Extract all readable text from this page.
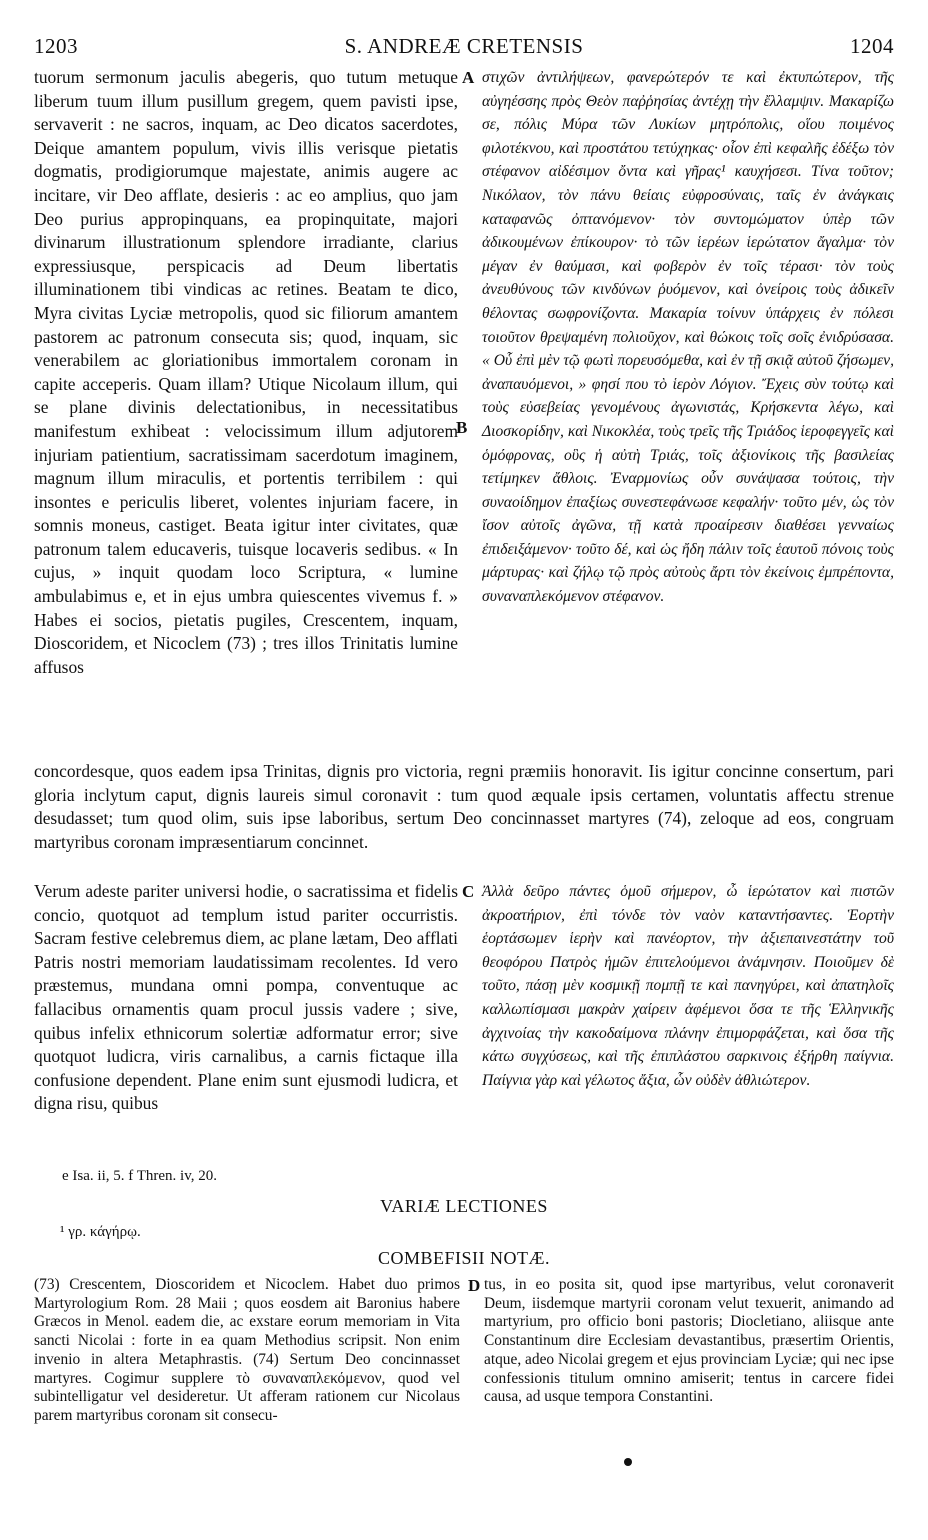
1203	S. ANDREÆ CRETENSIS	1204
tuorum sermonum jaculis abegeris, quo tutum metuque liberum tuum illum pusillum gregem, quem pavisti ipse, servaverit : ne sacros, inquam, ac Deo dicatos sacerdotes, Deique amantem populum, vivis illis verisque pietatis dogmatis, prodigiorumque majestate, animis augere ac incitare, vir Deo afflate, desieris : ac eo amplius, quo jam Deo purius appropinquans, ea propinquitate, majori divinarum illustrationum splendore irradiante, clarius expressiusque, perspicacis ad Deum libertatis illuminationem tibi vindicas ac retines. Beatam te dico, Myra civitas Lyciæ metropolis, quod sic filiorum amantem pastorem ac patronum consecuta sis; quod, inquam, sic venerabilem ac gloriationibus immortalem coronam in capite acceperis. Quam illam? Utique Nicolaum illum, qui se plane divinis delectationibus, in necessitatibus manifestum exhibeat : velocissimum illum adjutorem injuriam patientium, sacratissimam sacerdotum imaginem, magnum illum miraculis, et portentis terribilem : qui insontes e periculis liberet, volentes injuriam facere, in somnis moneus, castiget. Beata igitur inter civitates, quæ patronum talem educaveris, tuisque locaveris sedibus. « In cujus, » inquit quodam loco Scriptura, « lumine ambulabimus e, et in ejus umbra quiescentes vivemus f. » Habes ei socios, pietatis pugiles, Crescentem, inquam, Dioscoridem, et Nicoclem (73) ; tres illos Trinitatis lumine affusos
στιχῶν ἀντιλήψεων, φανερώτερόν τε καὶ ἐκτυπώτερον, τῆς αὐγηέσσης πρὸς Θεὸν παῤῥησίας ἀντέχῃ τὴν ἔλλαμψιν. Μακαρίζω σε, πόλις Μύρα τῶν Λυκίων μητρόπολις, οἵου ποιμένος φιλοτέκνου, καὶ προστάτου τετύχηκας· οἷον ἐπὶ κεφαλῆς ἐδέξω τὸν στέφανον αἰδέσιμον ὄντα καὶ γῆρας¹ καυχήσεσι. Τίνα τοῦτον; Νικόλαον, τὸν πάνυ θείαις εὐφροσύναις, ταῖς ἐν ἀνάγκαις καταφανῶς ὀπτανόμενον· τὸν συντομώματον ὑπὲρ τῶν ἀδικουμένων ἐπίκουρον· τὸ τῶν ἱερέων ἱερώτατον ἄγαλμα· τὸν μέγαν ἐν θαύμασι, καὶ φοβερὸν ἐν τοῖς τέρασι· τὸν τοὺς ἀνευθύνους τῶν κινδύνων ῥυόμενον, καὶ ὀνείροις τοὺς ἀδικεῖν θέλοντας σωφρονίζοντα. Μακαρία τοίνυν ὑπάρχεις ἐν πόλεσι τοιοῦτον θρεψαμένη πολιοῦχον, καὶ θώκοις τοῖς σοῖς ἐνιδρύσασα. « Οὗ ἐπὶ μὲν τῷ φωτὶ πορευσόμεθα, καὶ ἐν τῇ σκιᾷ αὐτοῦ ζήσωμεν, ἀναπαυόμενοι, » φησί που τὸ ἱερὸν Λόγιον. Ἔχεις σὺν τούτῳ καὶ τοὺς εὐσεβείας γενομένους ἀγωνιστάς, Κρήσκεντα λέγω, καὶ Διοσκορίδην, καὶ Νικοκλέα, τοὺς τρεῖς τῆς Τριάδος ἱεροφεγγεῖς καὶ ὁμόφρονας, οὓς ἡ αὐτὴ Τριάς, τοῖς ἀξιονίκοις τῆς βασιλείας τετίμηκεν ἄθλοις. Ἐναρμονίως οὖν συνάψασα τούτοις, τὴν συναοίδημον ἐπαξίως συνεστεφάνωσε κεφαλήν· τοῦτο μέν, ὡς τὸν ἴσον αὐτοῖς ἀγῶνα, τῇ κατὰ προαίρεσιν διαθέσει γενναίως ἐπιδειξάμενον· τοῦτο δέ, καὶ ὡς ἤδη πάλιν τοῖς ἑαυτοῦ πόνοις τοὺς μάρτυρας· καὶ ζήλῳ τῷ πρὸς αὐτοὺς ἄρτι τὸν ἐκείνοις ἐμπρέποντα, συναναπλεκόμενον στέφανον.
A
B
concordesque, quos eadem ipsa Trinitas, dignis pro victoria, regni præmiis honoravit. Iis igitur concinne consertum, pari gloria inclytum caput, dignis laureis simul coronavit : tum quod æquale ipsis certamen, voluntatis affectu strenue desudasset; tum quod olim, suis ipse laboribus, sertum Deo concinnasset martyres (74), zeloque ad eos, congruam martyribus coronam impræsentiarum concinnet.
Verum adeste pariter universi hodie, o sacratissima et fidelis concio, quotquot ad templum istud pariter occurristis. Sacram festive celebremus diem, ac plane lætam, Deo afflati Patris nostri memoriam laudatissimam recolentes. Id vero præstemus, mundana omni pompa, conventuque ac fallacibus ornamentis quam procul jussis vadere ; sive, quibus infelix ethnicorum solertiæ adformatur error; sive quotquot ludicra, viris carnalibus, a carnis fictaque illa confusione dependent. Plane enim sunt ejusmodi ludicra, et digna risu, quibus
C Ἀλλὰ δεῦρο πάντες ὁμοῦ σήμερον, ὦ ἱερώτατον καὶ πιστῶν ἀκροατήριον, ἐπὶ τόνδε τὸν ναὸν καταντήσαντες. Ἑορτὴν ἑορτάσωμεν ἱερὴν καὶ πανέορτον, τὴν ἀξιεπαινεστάτην τοῦ θεοφόρου Πατρὸς ἡμῶν ἐπιτελούμενοι ἀνάμνησιν. Ποιοῦμεν δὲ τοῦτο, πάσῃ μὲν κοσμικῇ πομπῇ τε καὶ πανηγύρει, καὶ ἀπατηλοῖς καλλωπίσμασι μακρὰν χαίρειν ἀφέμενοι ὅσα τε τῆς Ἑλληνικῆς ἀγχινοίας τὴν κακοδαίμονα πλάνην ἐπιμορφάζεται, καὶ ὅσα τῆς κάτω συγχύσεως, καὶ τῆς ἐπιπλάστου σαρκινοις ἐξήρθη παίγνια. Παίγνια γὰρ καὶ γέλωτος ἄξια, ὧν οὐδὲν ἀθλιώτερον.
e Isa. ii, 5. f Thren. iv, 20.
VARIÆ LECTIONES
¹ γρ. κάγήρῳ.
COMBEFISII NOTÆ.
(73) Crescentem, Dioscoridem et Nicoclem. Habet duo primos Martyrologium Rom. 28 Maii ; quos eosdem ait Baronius habere Græcos in Menol. eadem die, ac exstare eorum memoriam in Vita sancti Nicolai : forte in ea quam Methodius scripsit. Non enim invenio in altera Metaphrastis. (74) Sertum Deo concinnasset martyres. Cogimur supplere τὸ συναναπλεκόμενον, quod vel subintelligatur vel desideretur. Ut afferam rationem cur Nicolaus parem martyribus coronam sit consecu-
D tus, in eo posita sit, quod ipse martyribus, velut coronaverit Deum, iisdemque martyrii coronam velut texuerit, animando ad martyrium, pro officio boni pastoris; Diocletiano, aliisque ante Constantinum dire Ecclesiam devastantibus, præsertim Orientis, atque, adeo Nicolai gregem et ejus provinciam Lyciæ; qui nec ipse confessionis titulum omnino amiserit; tentus in carcere fidei causa, ad usque tempora Constantini.
